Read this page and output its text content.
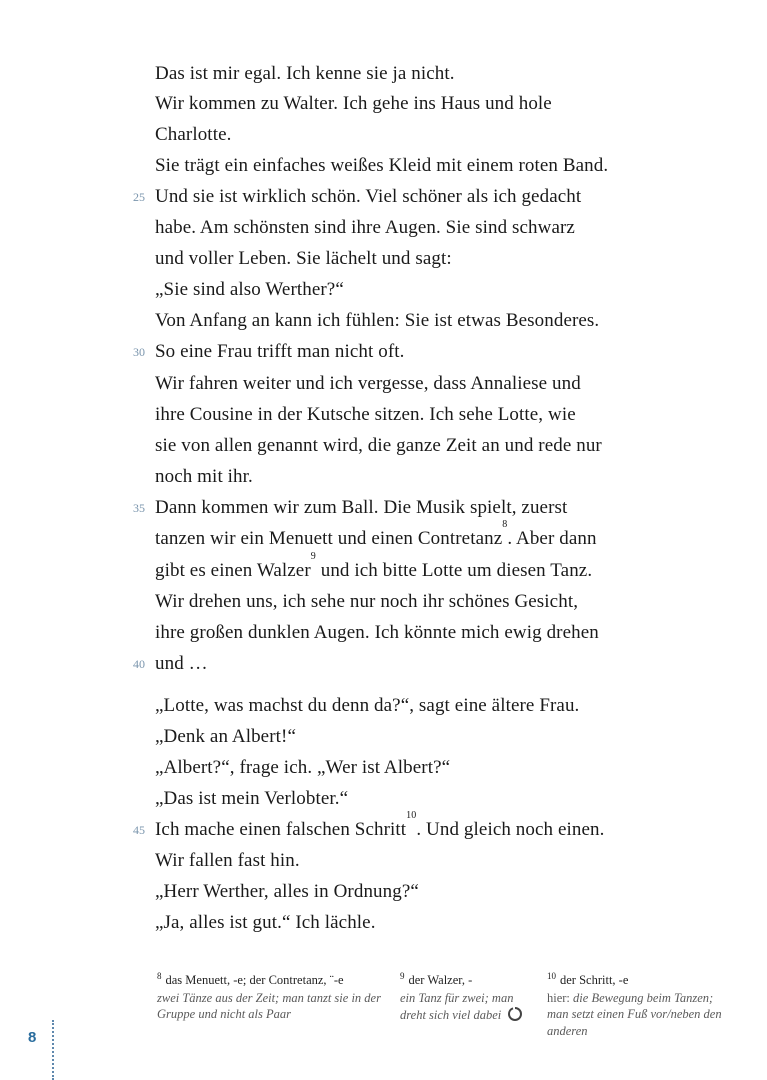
Das ist mir egal. Ich kenne sie ja nicht.
Wir kommen zu Walter. Ich gehe ins Haus und hole
Charlotte.
Sie trägt ein einfaches weißes Kleid mit einem roten Band.
Und sie ist wirklich schön. Viel schöner als ich gedacht
habe. Am schönsten sind ihre Augen. Sie sind schwarz
und voller Leben. Sie lächelt und sagt:
„Sie sind also Werther?“
Von Anfang an kann ich fühlen: Sie ist etwas Besonderes.
So eine Frau trifft man nicht oft.
Wir fahren weiter und ich vergesse, dass Annaliese und
ihre Cousine in der Kutsche sitzen. Ich sehe Lotte, wie
sie von allen genannt wird, die ganze Zeit an und rede nur
noch mit ihr.
Dann kommen wir zum Ball. Die Musik spielt, zuerst
tanzen wir ein Menuett und einen Contretanz$^8$. Aber dann
gibt es einen Walzer$^9$ und ich bitte Lotte um diesen Tanz.
Wir drehen uns, ich sehe nur noch ihr schönes Gesicht,
ihre großen dunklen Augen. Ich könnte mich ewig drehen
und …
„Lotte, was machst du denn da?“, sagt eine ältere Frau.
„Denk an Albert!“
„Albert?“, frage ich. „Wer ist Albert?“
„Das ist mein Verlobter.“
Ich mache einen falschen Schritt$^{10}$. Und gleich noch einen.
Wir fallen fast hin.
„Herr Werther, alles in Ordnung?“
„Ja, alles ist gut.“ Ich lächle.
25
30
35
40
45
$^8$ das Menuett, -e; der Contretanz, ¨-e
zwei Tänze aus der Zeit; man tanzt sie in der Gruppe und nicht als Paar
$^9$ der Walzer, -
ein Tanz für zwei; man dreht sich viel dabei
$^{10}$ der Schritt, -e
hier: die Bewegung beim Tanzen; man setzt einen Fuß vor/neben den anderen
8
